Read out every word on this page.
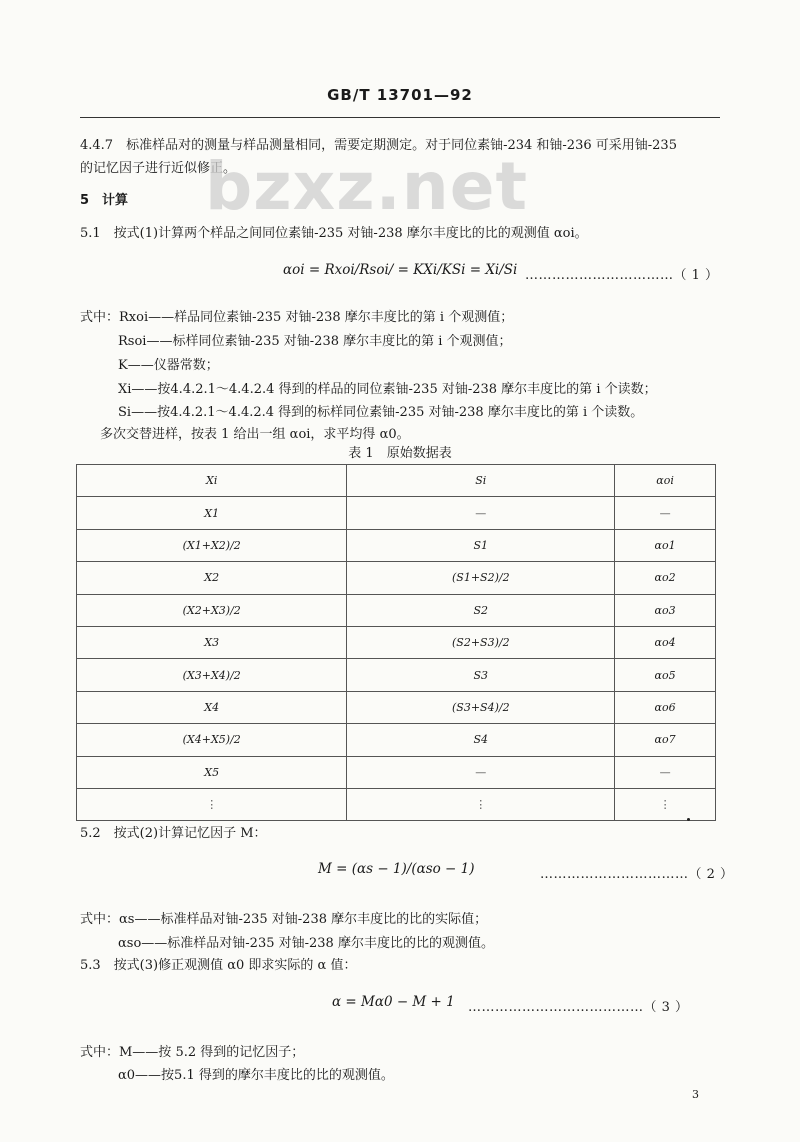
GB/T 13701—92
4.4.7　标准样品对的测量与样品测量相同，需要定期测定。对于同位素铀-234 和铀-236 可采用铀-235
的记忆因子进行近似修正。
bzxz.net
5　计算
5.1　按式(1)计算两个样品之间同位素铀-235 对铀-238 摩尔丰度比的比的观测值 αoi。
αoi = Rxoi/Rsoi/ = KXi/KSi = Xi/Si ……………………………（ 1 ）
式中：Rxoi——样品同位素铀-235 对铀-238 摩尔丰度比的第 i 个观测值；
Rsoi——标样同位素铀-235 对铀-238 摩尔丰度比的第 i 个观测值；
K——仪器常数；
Xi——按4.4.2.1～4.4.2.4 得到的样品的同位素铀-235 对铀-238 摩尔丰度比的第 i 个读数；
Si——按4.4.2.1～4.4.2.4 得到的标样同位素铀-235 对铀-238 摩尔丰度比的第 i 个读数。
多次交替进样，按表 1 给出一组 αoi，求平均得 α0。
表 1　原始数据表
Xi	Si	αoi
X1	—	—
(X1+X2)/2	S1	αo1
X2	(S1+S2)/2	αo2
(X2+X3)/2	S2	αo3
X3	(S2+S3)/2	αo4
(X3+X4)/2	S3	αo5
X4	(S3+S4)/2	αo6
(X4+X5)/2	S4	αo7
X5	—	—
⋮	⋮	⋮
5.2　按式(2)计算记忆因子 M：
M = (αs − 1)/(αso − 1)	……………………………（ 2 ）
式中：αs——标准样品对铀-235 对铀-238 摩尔丰度比的比的实际值；
αso——标准样品对铀-235 对铀-238 摩尔丰度比的比的观测值。
5.3　按式(3)修正观测值 α0 即求实际的 α 值：
α = Mα0 − M + 1 …………………………………（ 3 ）
式中：M——按 5.2 得到的记忆因子；
α0——按5.1 得到的摩尔丰度比的比的观测值。
3
